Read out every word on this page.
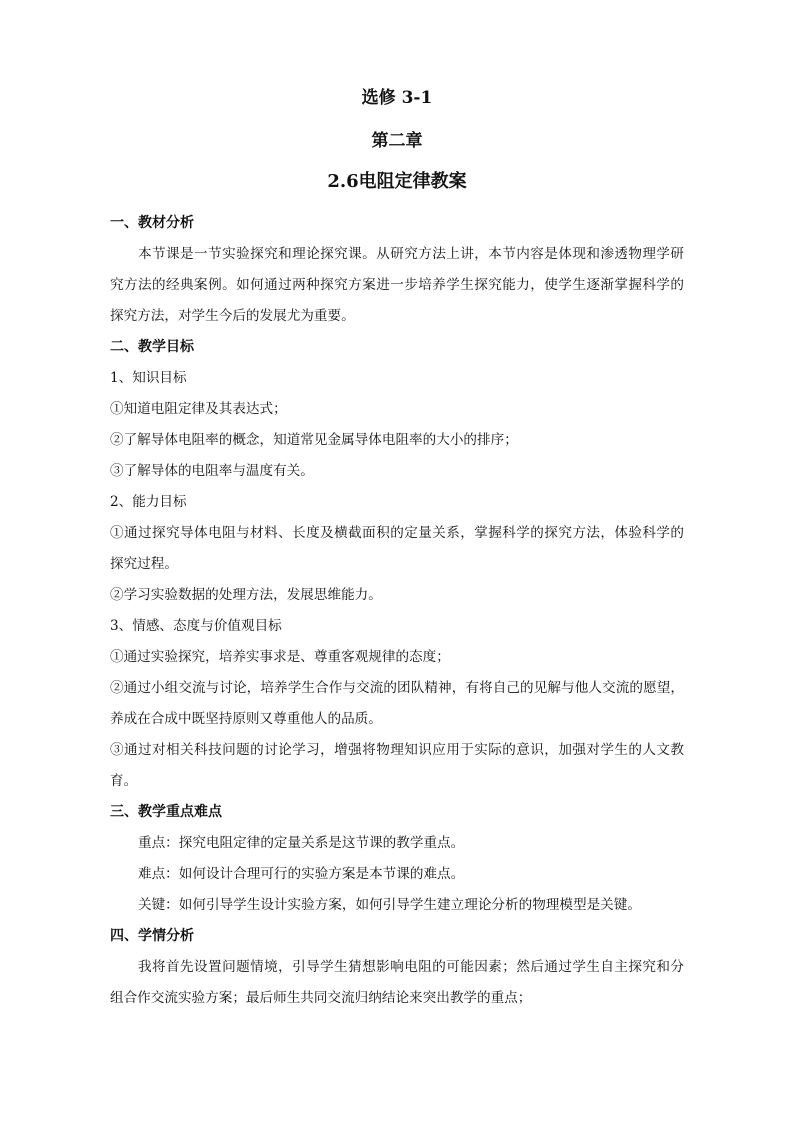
选修 3-1
第二章
2.6电阻定律教案
一、教材分析
本节课是一节实验探究和理论探究课。从研究方法上讲，本节内容是体现和渗透物理学研
究方法的经典案例。如何通过两种探究方案进一步培养学生探究能力，使学生逐渐掌握科学的
探究方法，对学生今后的发展尤为重要。
二、教学目标
1、知识目标
①知道电阻定律及其表达式；
②了解导体电阻率的概念，知道常见金属导体电阻率的大小的排序；
③了解导体的电阻率与温度有关。
2、能力目标
①通过探究导体电阻与材料、长度及横截面积的定量关系，掌握科学的探究方法，体验科学的
探究过程。
②学习实验数据的处理方法，发展思维能力。
3、情感、态度与价值观目标
①通过实验探究，培养实事求是、尊重客观规律的态度；
②通过小组交流与讨论，培养学生合作与交流的团队精神，有将自己的见解与他人交流的愿望，
养成在合成中既坚持原则又尊重他人的品质。
③通过对相关科技问题的讨论学习，增强将物理知识应用于实际的意识，加强对学生的人文教
育。
三、教学重点难点
重点：探究电阻定律的定量关系是这节课的教学重点。
难点：如何设计合理可行的实验方案是本节课的难点。
关键：如何引导学生设计实验方案，如何引导学生建立理论分析的物理模型是关键。
四、学情分析
我将首先设置问题情境，引导学生猜想影响电阻的可能因素；然后通过学生自主探究和分
组合作交流实验方案；最后师生共同交流归纳结论来突出教学的重点；
